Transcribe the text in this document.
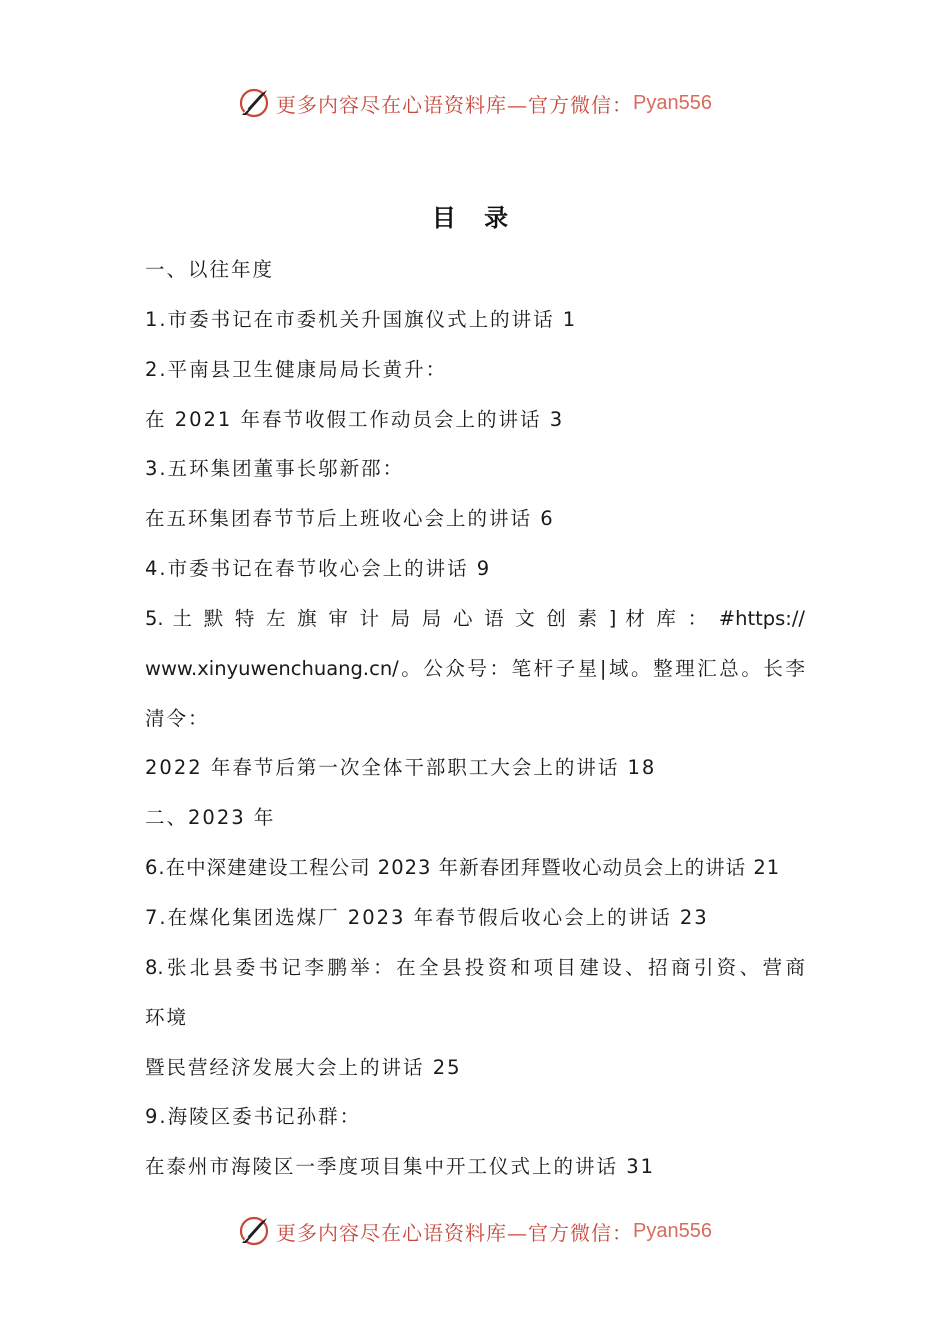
更多内容尽在心语资料库—官方微信： Pyan556
目 录
一、以往年度
1.市委书记在市委机关升国旗仪式上的讲话 1
2.平南县卫生健康局局长黄升：
在 2021 年春节收假工作动员会上的讲话 3
3.五环集团董事长邬新邵：
在五环集团春节节后上班收心会上的讲话 6
4.市委书记在春节收心会上的讲话 9
5. 土 默 特 左 旗 审 计 局 局 心 语 文 创 素 ] 材 库 ： #https://
www.xinyuwenchuang.cn/。公众号：笔杆子星|域。整理汇总。长李
清令：
2022 年春节后第一次全体干部职工大会上的讲话 18
二、2023 年
6.在中深建建设工程公司 2023 年新春团拜暨收心动员会上的讲话 21
7.在煤化集团选煤厂 2023 年春节假后收心会上的讲话 23
8.张北县委书记李鹏举：在全县投资和项目建设、招商引资、营商
环境
暨民营经济发展大会上的讲话 25
9.海陵区委书记孙群：
在泰州市海陵区一季度项目集中开工仪式上的讲话 31
更多内容尽在心语资料库—官方微信： Pyan556
